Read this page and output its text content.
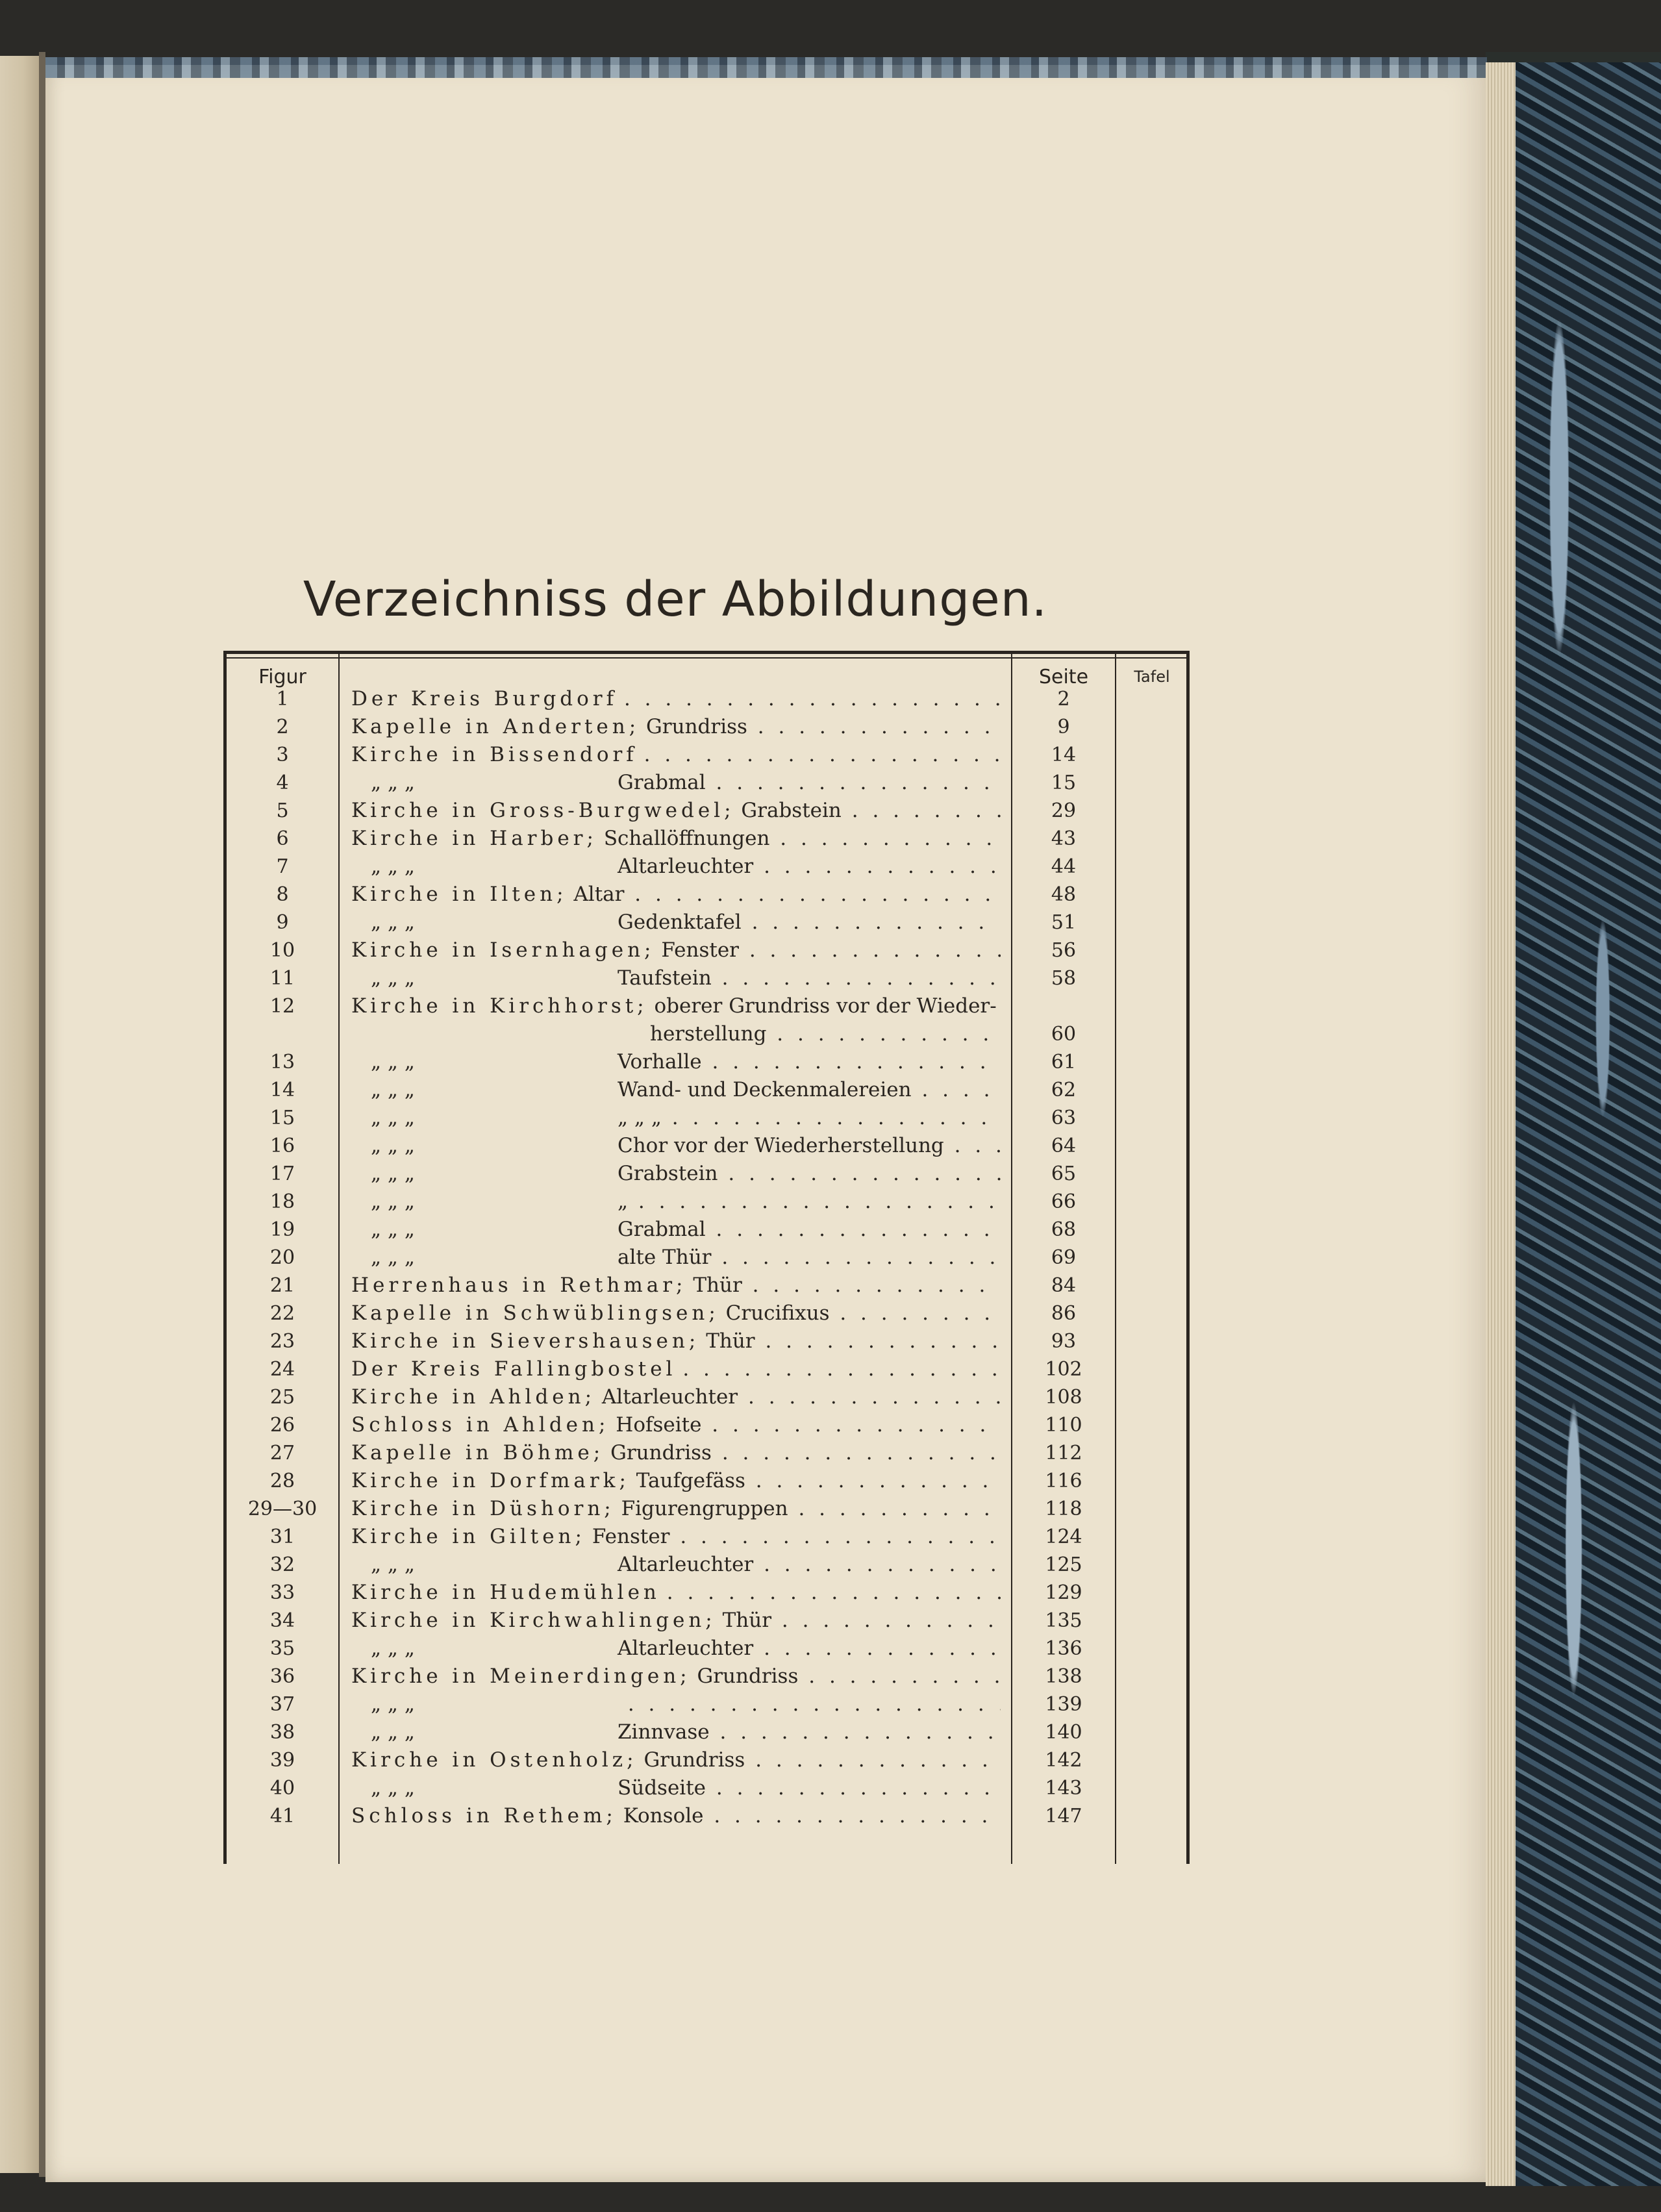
Verzeichniss der Abbildungen.
Figur	Seite	Tafel
1	Der Kreis Burgdorf . . .	2
2	Kapelle in Anderten; Grundriss . . .	9
3	Kirche in Bissendorf . . .	14
4	„ „ „	Grabmal . . .	15
5	Kirche in Gross-Burgwedel; Grabstein . . .	29
6	Kirche in Harber; Schallöffnungen . . .	43
7	„ „ „	Altarleuchter . . .	44
8	Kirche in Ilten; Altar . . .	48
9	„ „ „	Gedenktafel . . .	51
10	Kirche in Isernhagen; Fenster . . .	56
11	„ „ „	Taufstein . . .	58
12	Kirche in Kirchhorst; oberer Grundriss vor der Wieder-
herstellung . . .	60
13	„ „ „	Vorhalle . . .	61
14	„ „ „	Wand- und Deckenmalereien . . .	62
15	„ „ „	„ „ „ . . .	63
16	„ „ „	Chor vor der Wiederherstellung . . .	64
17	„ „ „	Grabstein . . .	65
18	„ „ „	„ . . .	66
19	„ „ „	Grabmal . . .	68
20	„ „ „	alte Thür . . .	69
21	Herrenhaus in Rethmar; Thür . . .	84
22	Kapelle in Schwüblingsen; Crucifixus . . .	86
23	Kirche in Sievershausen; Thür . . .	93
24	Der Kreis Fallingbostel . . .	102
25	Kirche in Ahlden; Altarleuchter . . .	108
26	Schloss in Ahlden; Hofseite . . .	110
27	Kapelle in Böhme; Grundriss . . .	112
28	Kirche in Dorfmark; Taufgefäss . . .	116
29—30	Kirche in Düshorn; Figurengruppen . . .	118
31	Kirche in Gilten; Fenster . . .	124
32	„ „ „	Altarleuchter . . .	125
33	Kirche in Hudemühlen . . .	129
34	Kirche in Kirchwahlingen; Thür . . .	135
35	„ „ „	Altarleuchter . . .	136
36	Kirche in Meinerdingen; Grundriss . . .	138
37	„ „ „ . . .	139
38	„ „ „	Zinnvase . . .	140
39	Kirche in Ostenholz; Grundriss . . .	142
40	„ „ „	Südseite . . .	143
41	Schloss in Rethem; Konsole . . .	147
